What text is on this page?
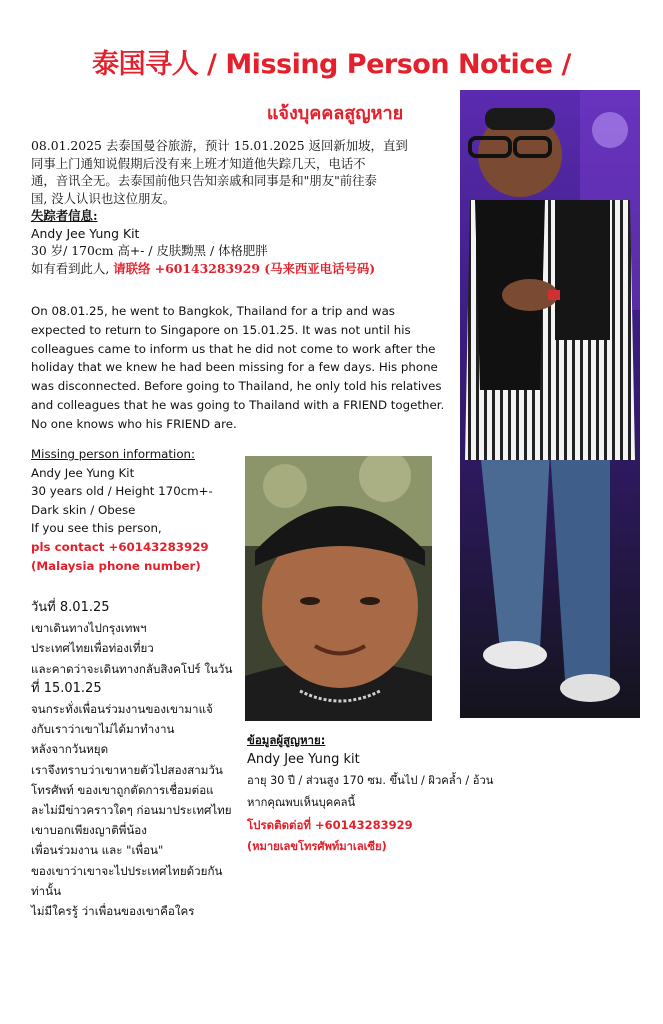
泰国寻人 / Missing Person Notice /
แจ้งบุคคลสูญหาย
08.01.2025 去泰国曼谷旅游，预计 15.01.2025 返回新加坡，直到
同事上门通知说假期后没有来上班才知道他失踪几天，电话不
通，音讯全无。去泰国前他只告知亲戚和同事是和"朋友"前往泰
国, 没人认识也这位朋友。
失踪者信息:
Andy Jee Yung Kit
30 岁/ 170cm 高+- / 皮肤黝黑 / 体格肥胖
如有看到此人, 请联络 +60143283929 (马来西亚电话号码)
On 08.01.25, he went to Bangkok, Thailand for a trip and was
expected to return to Singapore on 15.01.25. It was not until his
colleagues came to inform us that he did not come to work after the
holiday that we knew he had been missing for a few days. His phone
was disconnected. Before going to Thailand, he only told his relatives
and colleagues that he was going to Thailand with a FRIEND together.
No one knows who his FRIEND are.
Missing person information:
Andy Jee Yung Kit
30 years old / Height 170cm+-
Dark skin / Obese
If you see this person,
pls contact +60143283929
(Malaysia phone number)
วันที่ 8.01.25
เขาเดินทางไปกรุงเทพฯ
ประเทศไทยเพื่อท่องเที่ยว
และคาดว่าจะเดินทางกลับสิงคโปร์ ในวัน
ที่ 15.01.25
จนกระทั่งเพื่อนร่วมงานของเขามาแจ้
งกับเราว่าเขาไม่ได้มาทำงาน
หลังจากวันหยุด
เราจึงทราบว่าเขาหายตัวไปสองสามวัน
โทรศัพท์ ของเขาถูกตัดการเชื่อมต่อแ
ละไม่มีข่าวคราวใดๆ ก่อนมาประเทศไทย
เขาบอกเพียงญาติพี่น้อง
เพื่อนร่วมงาน และ "เพื่อน"
ของเขาว่าเขาจะไปประเทศไทยด้วยกัน
ท่านั้น
ไม่มีใครรู้ ว่าเพื่อนของเขาคือใคร
ข้อมูลผู้สูญหาย:
Andy Jee Yung kit
อายุ 30 ปี / ส่วนสูง 170 ซม. ขึ้นไป / ผิวคล้ำ / อ้วน
หากคุณพบเห็นบุคคลนี้
โปรดติดต่อที่ +60143283929
(หมายเลขโทรศัพท์มาเลเซีย)
